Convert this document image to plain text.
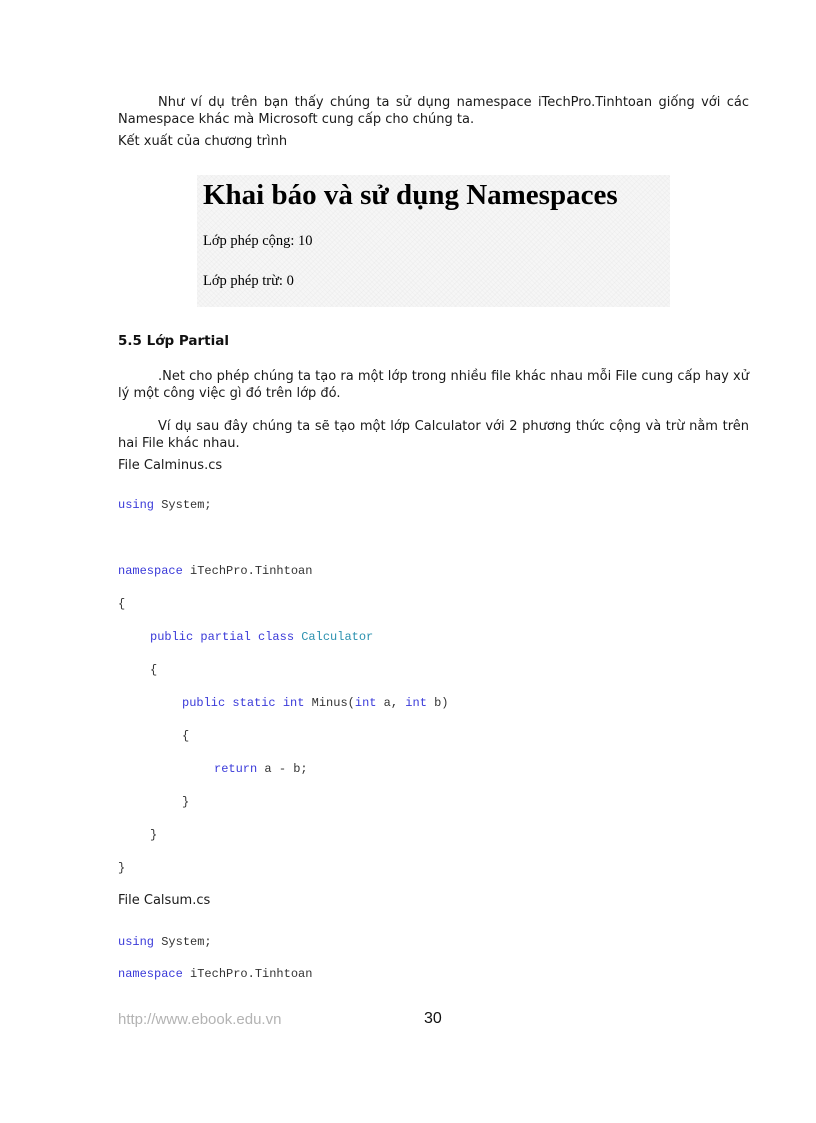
Như ví dụ trên bạn thấy chúng ta sử dụng namespace iTechPro.Tinhtoan giống với các Namespace khác mà Microsoft cung cấp cho chúng ta.

Kết xuất của chương trình

Khai báo và sử dụng Namespaces

Lớp phép cộng: 10

Lớp phép trừ: 0

5.5 Lớp Partial

.Net cho phép chúng ta tạo ra một lớp trong nhiều file khác nhau mỗi File cung cấp hay xử lý một công việc gì đó trên lớp đó.

Ví dụ sau đây chúng ta sẽ tạo một lớp Calculator với 2 phương thức cộng và trừ nằm trên hai File khác nhau.

File Calminus.cs

using System;
namespace iTechPro.Tinhtoan
{
public partial class Calculator
{
public static int Minus(int a, int b)
{
return a - b;
}
}
}

File Calsum.cs

using System;
namespace iTechPro.Tinhtoan

http://www.ebook.edu.vn	30
